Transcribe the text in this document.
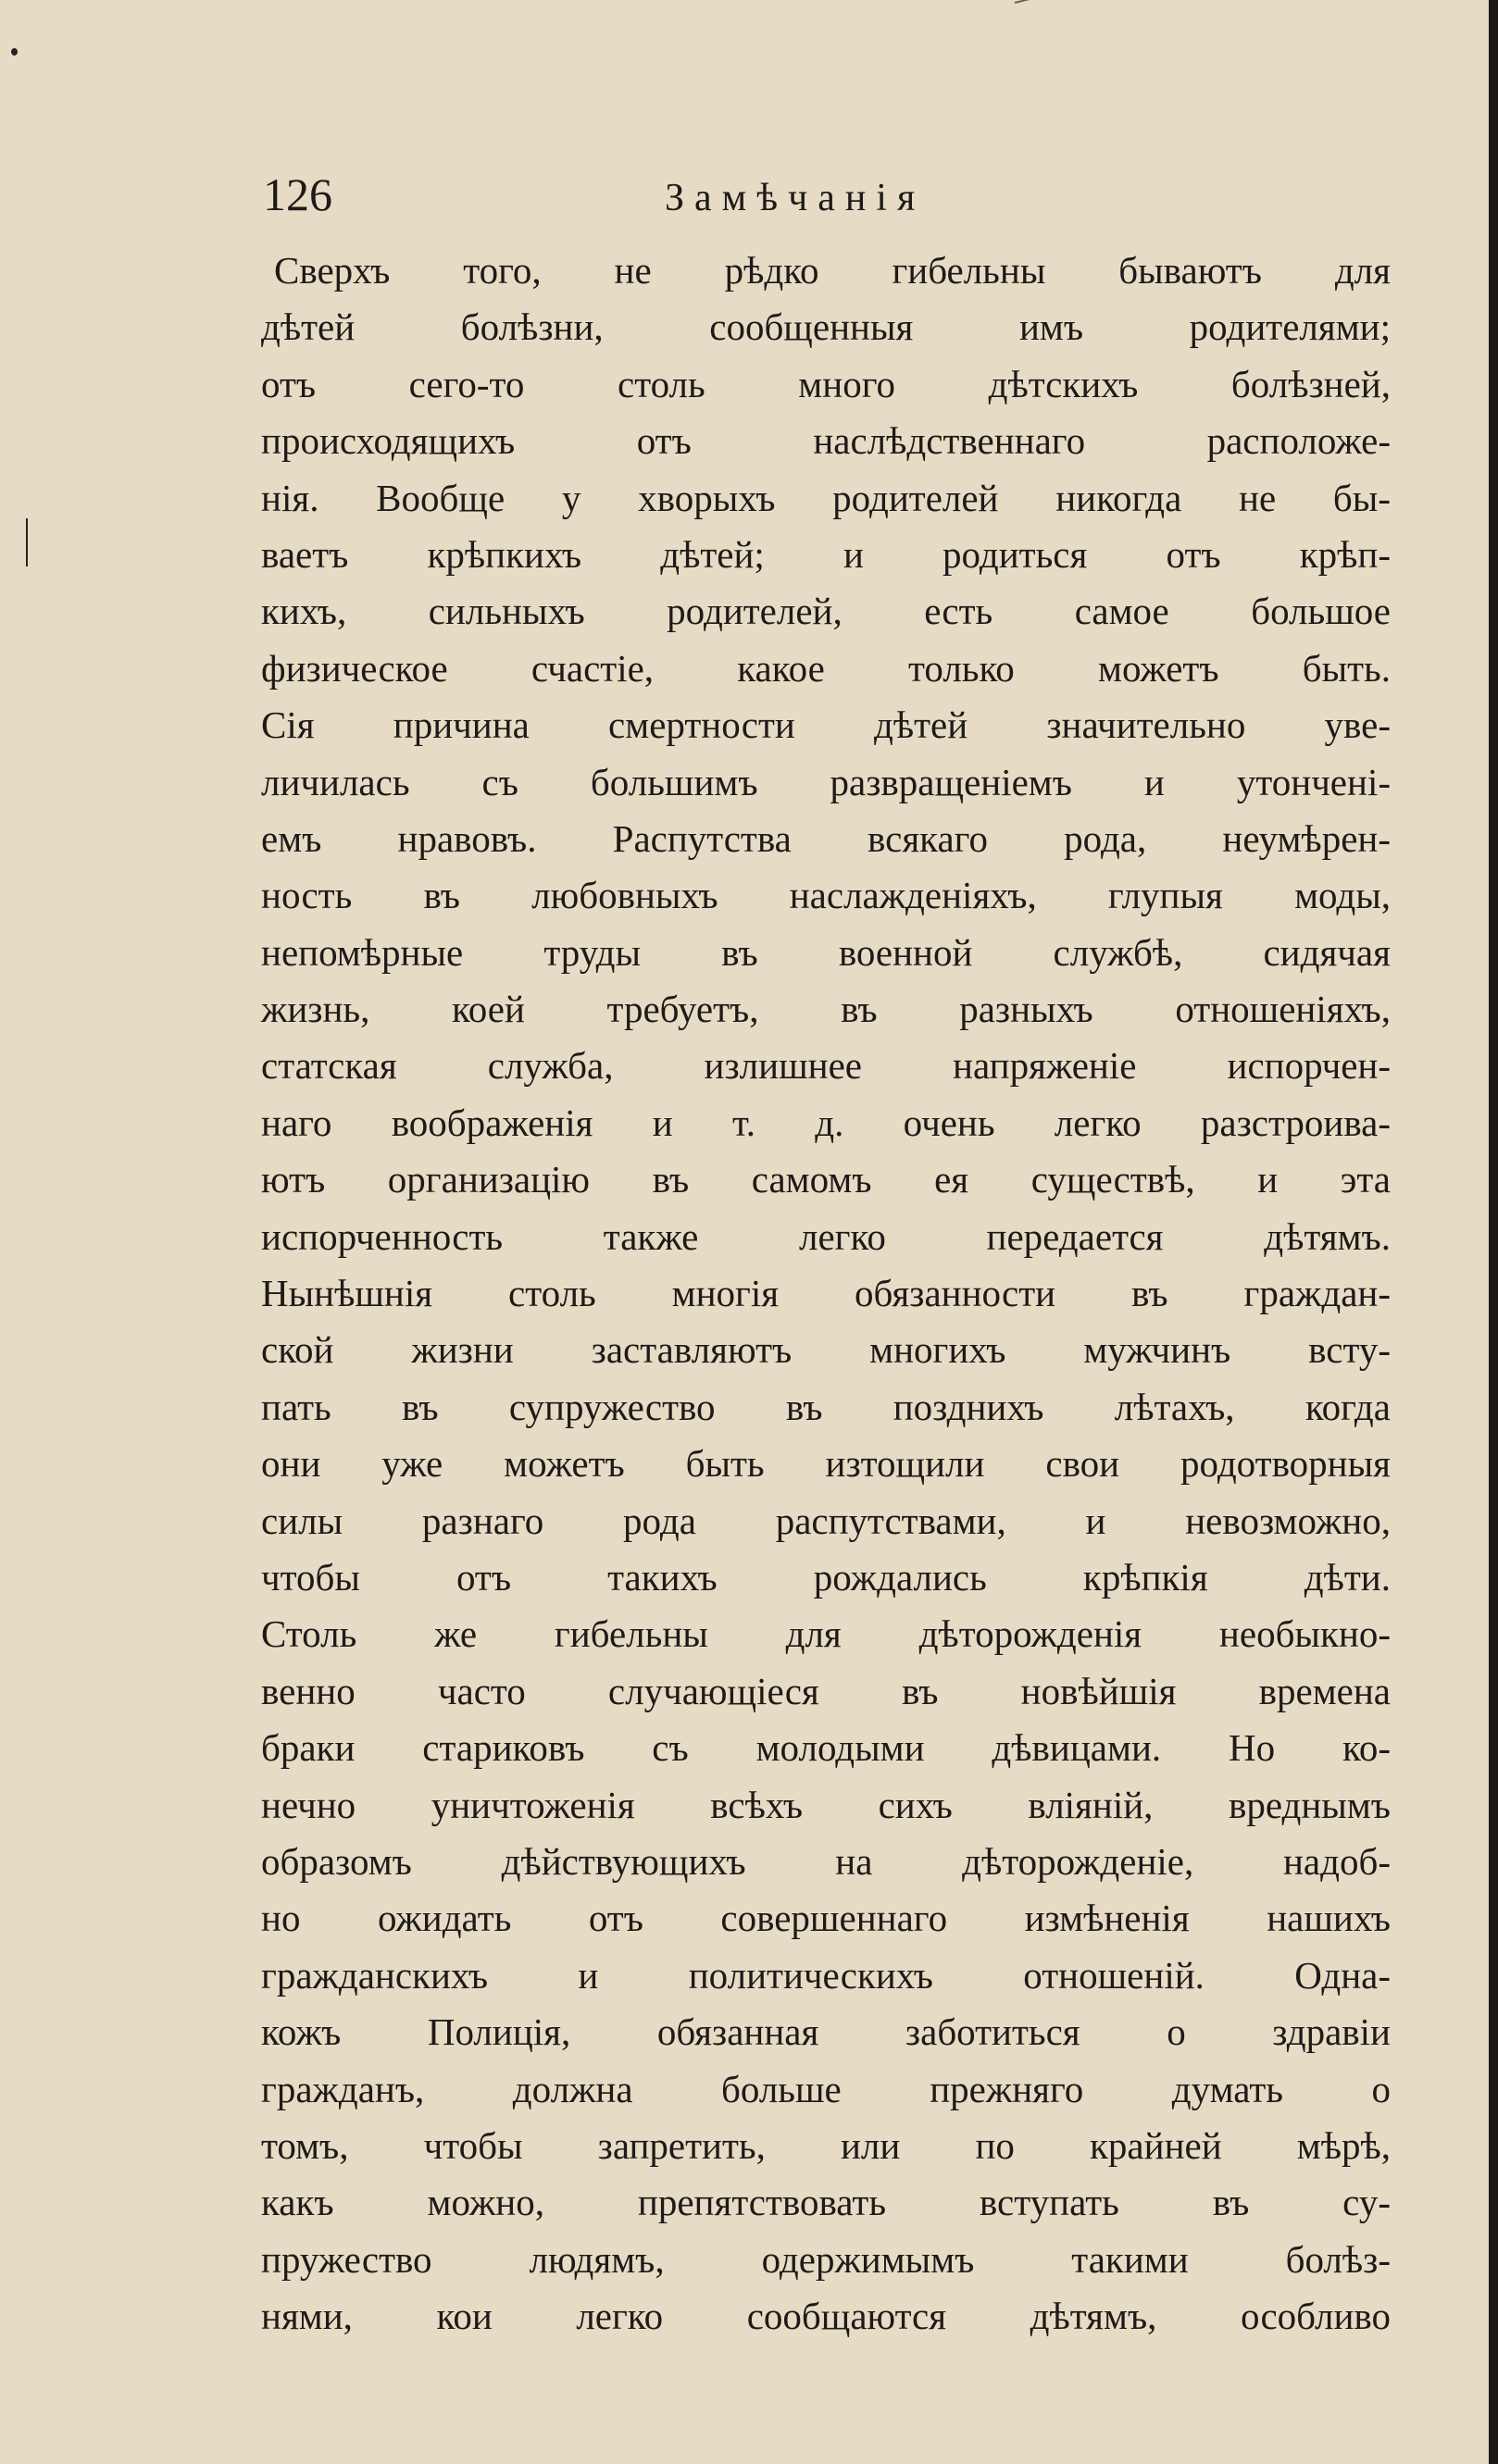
126	Замѣчанія
Сверхъ того, не рѣдко гибельны бываютъ для
дѣтей болѣзни, сообщенныя имъ родителями;
отъ сего-то столь много дѣтскихъ болѣзней,
происходящихъ отъ наслѣдственнаго расположе-
нія. Вообще у хворыхъ родителей никогда не бы-
ваетъ крѣпкихъ дѣтей; и родиться отъ крѣп-
кихъ, сильныхъ родителей, есть самое большое
физическое счастіе, какое только можетъ быть.
Сія причина смертности дѣтей значительно уве-
личилась съ большимъ развращеніемъ и утонченi-
емъ нравовъ. Распутства всякаго рода, неумѣрен-
ность въ любовныхъ наслажденіяхъ, глупыя моды,
непомѣрные труды въ военной службѣ, сидячая
жизнь, коей требуетъ, въ разныхъ отношеніяхъ,
статская служба, излишнее напряженіе испорчен-
наго воображенія и т. д. очень легко разстроива-
ютъ организацію въ самомъ ея существѣ, и эта
испорченность также легко передается дѣтямъ.
Нынѣшнія столь многія обязанности въ граждан-
ской жизни заставляютъ многихъ мужчинъ всту-
пать въ супружество въ позднихъ лѣтахъ, когда
они уже можетъ быть изтощили свои родотворныя
силы разнаго рода распутствами, и невозможно,
чтобы отъ такихъ рождались крѣпкія дѣти.
Столь же гибельны для дѣторожденія необыкно-
венно часто случающіеся въ новѣйшія времена
браки стариковъ съ молодыми дѣвицами. Но ко-
нечно уничтоженія всѣхъ сихъ вліяній, вреднымъ
образомъ дѣйствующихъ на дѣторожденіе, надоб-
но ожидать отъ совершеннаго измѣненія нашихъ
гражданскихъ и политическихъ отношеній. Одна-
кожъ Полиція, обязанная заботиться о здравіи
гражданъ, должна больше прежняго думать о
томъ, чтобы запретить, или по крайней мѣрѣ,
какъ можно, препятствовать вступать въ су-
пружество людямъ, одержимымъ такими болѣз-
нями, кои легко сообщаются дѣтямъ, особливо
